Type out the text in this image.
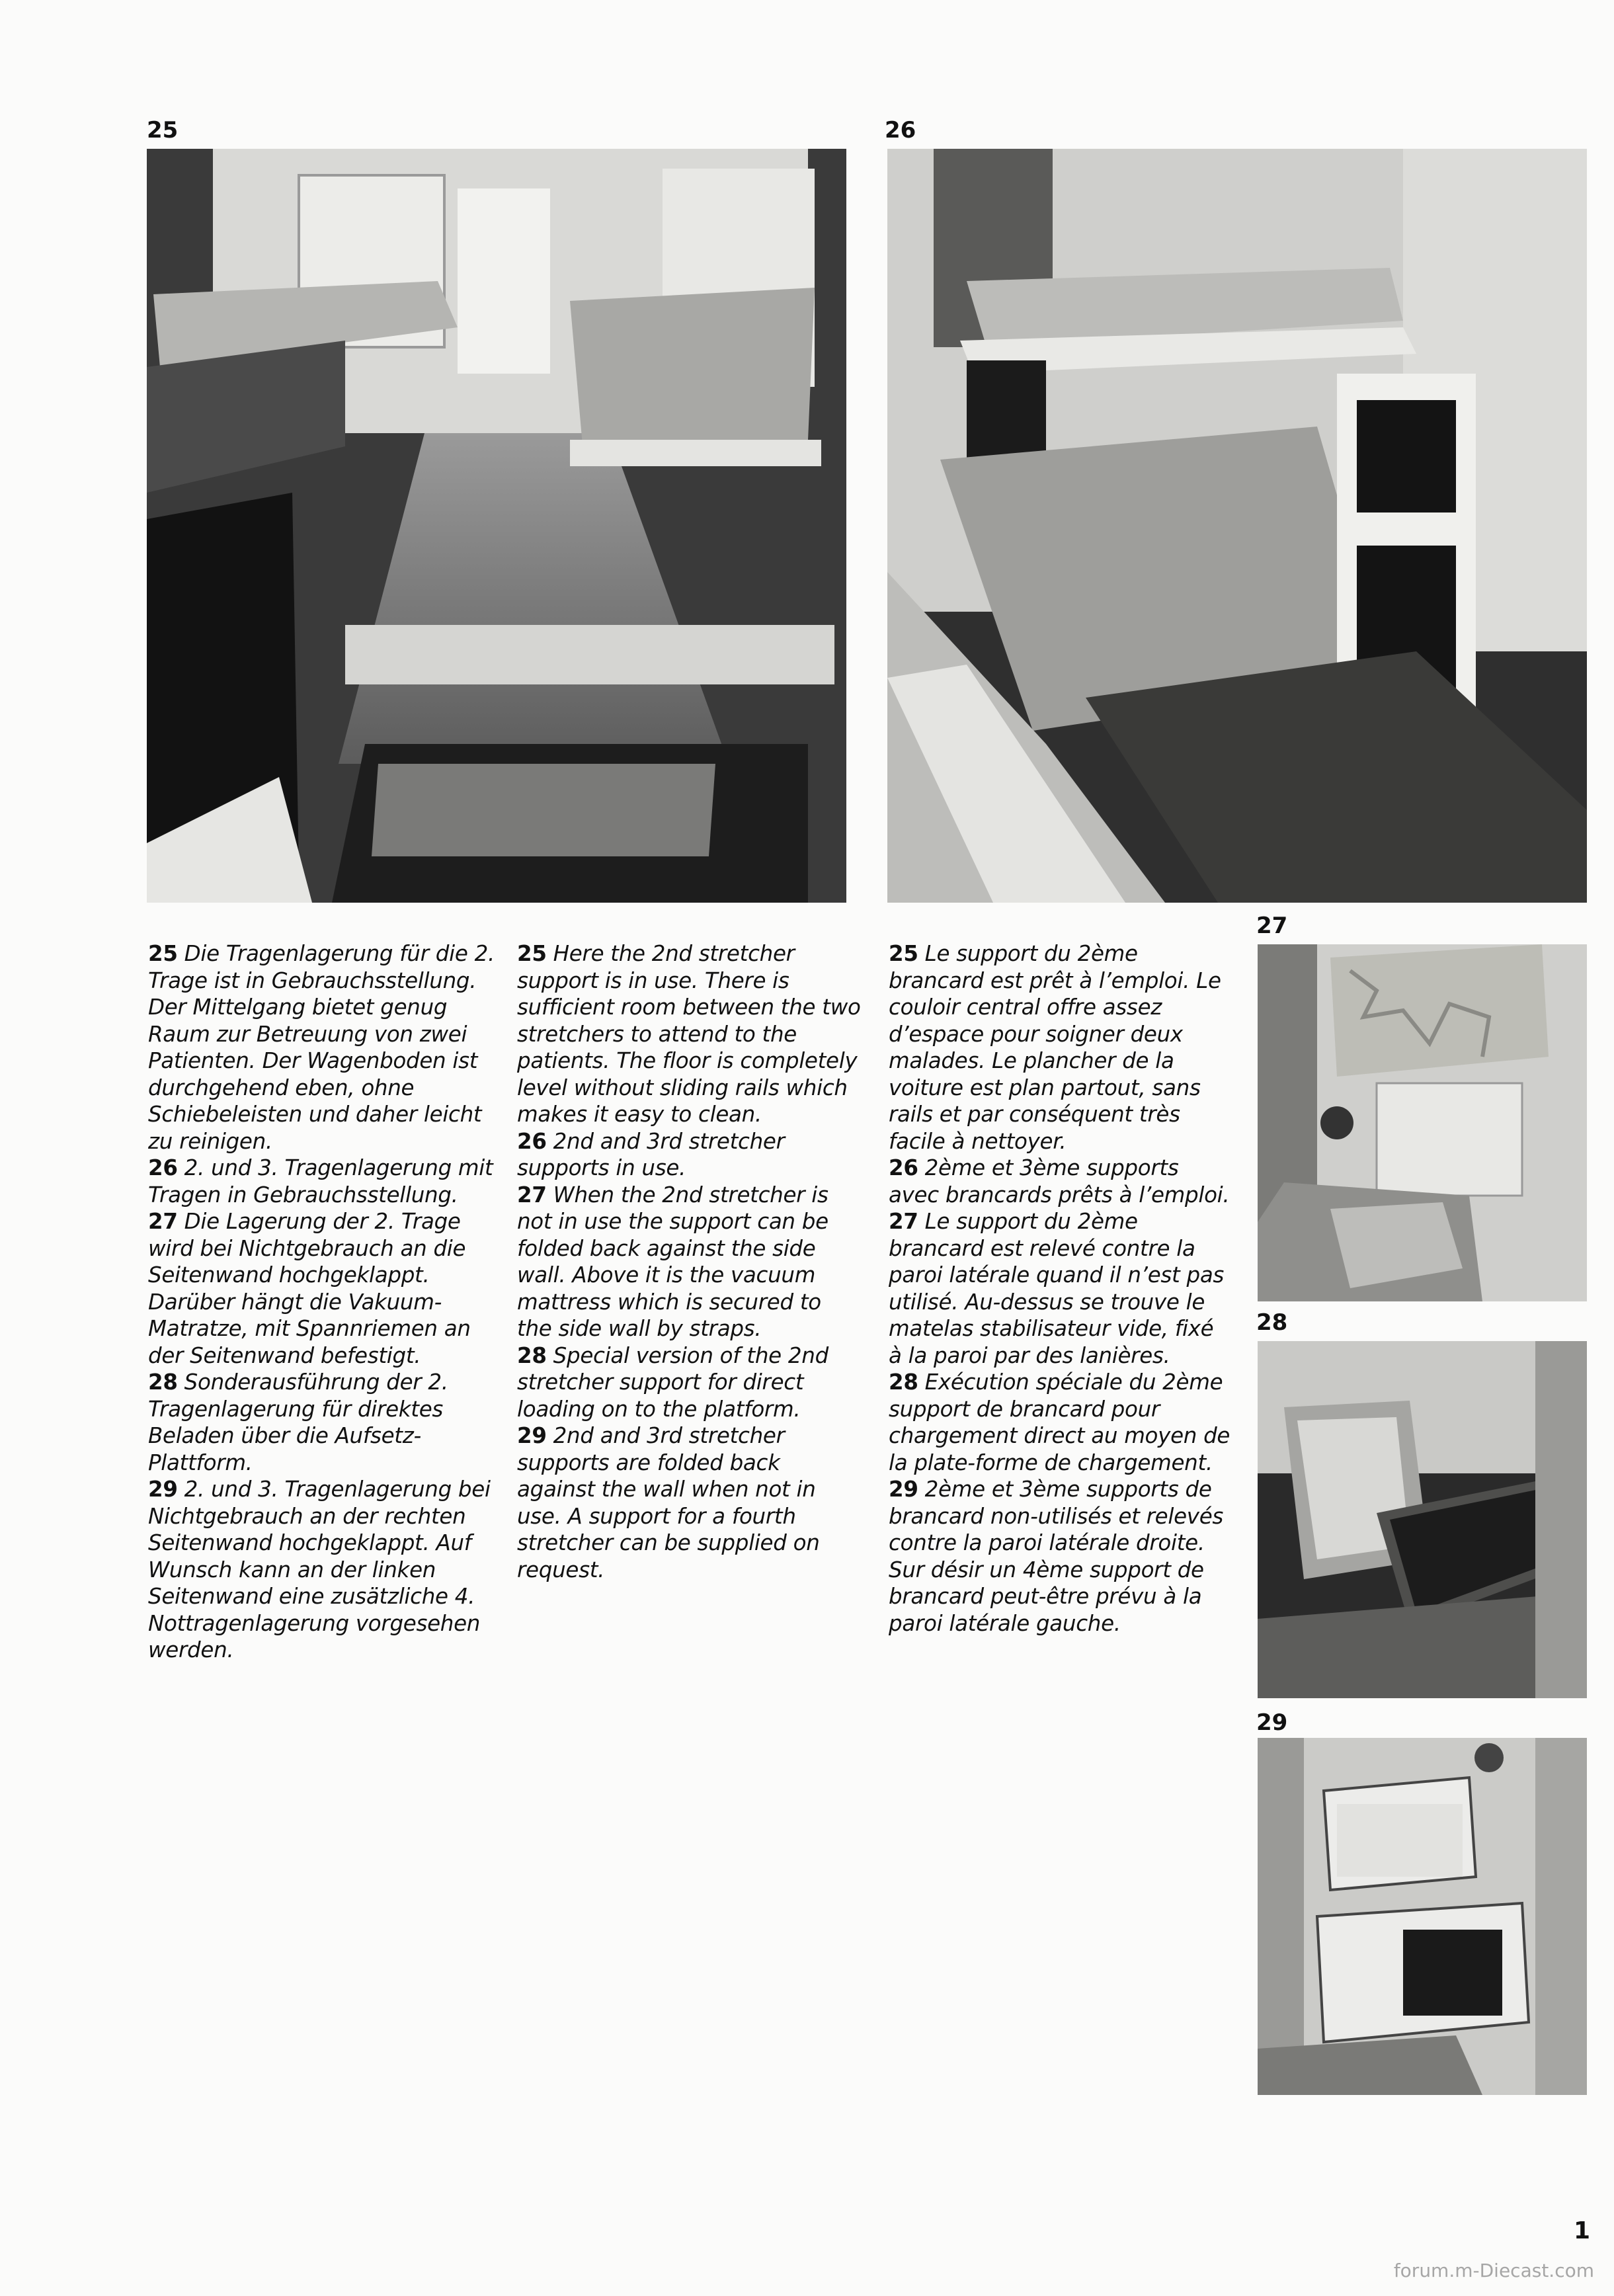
25	26
27
28
29

25 Die Tragenlagerung für die 2. Trage ist in Gebrauchsstellung. Der Mittelgang bietet genug Raum zur Betreuung von zwei Patienten. Der Wagenboden ist durchgehend eben, ohne Schiebeleisten und daher leicht zu reinigen.

26 2. und 3. Tragenlagerung mit Tragen in Gebrauchsstellung.

27 Die Lagerung der 2. Trage wird bei Nichtgebrauch an die Seitenwand hochgeklappt. Darüber hängt die Vakuum-Matratze, mit Spannriemen an der Seitenwand befestigt.

28 Sonderausführung der 2. Tragenlagerung für direktes Beladen über die Aufsetz-Plattform.

29 2. und 3. Tragenlagerung bei Nichtgebrauch an der rechten Seitenwand hochgeklappt. Auf Wunsch kann an der linken Seitenwand eine zusätzliche 4. Nottragenlagerung vorgesehen werden.

25 Here the 2nd stretcher support is in use. There is sufficient room between the two stretchers to attend to the patients. The floor is completely level without sliding rails which makes it easy to clean.

26 2nd and 3rd stretcher supports in use.

27 When the 2nd stretcher is not in use the support can be folded back against the side wall. Above it is the vacuum mattress which is secured to the side wall by straps.

28 Special version of the 2nd stretcher support for direct loading on to the platform.

29 2nd and 3rd stretcher supports are folded back against the wall when not in use. A support for a fourth stretcher can be supplied on request.

25 Le support du 2ème brancard est prêt à l’emploi. Le couloir central offre assez d’espace pour soigner deux malades. Le plancher de la voiture est plan partout, sans rails et par conséquent très facile à nettoyer.

26 2ème et 3ème supports avec brancards prêts à l’emploi.

27 Le support du 2ème brancard est relevé contre la paroi latérale quand il n’est pas utilisé. Au-dessus se trouve le matelas stabilisateur vide, fixé à la paroi par des lanières.

28 Exécution spéciale du 2ème support de brancard pour chargement direct au moyen de la plate-forme de chargement.

29 2ème et 3ème supports de brancard non-utilisés et relevés contre la paroi latérale droite. Sur désir un 4ème support de brancard peut-être prévu à la paroi latérale gauche.

1
forum.m-Diecast.com
